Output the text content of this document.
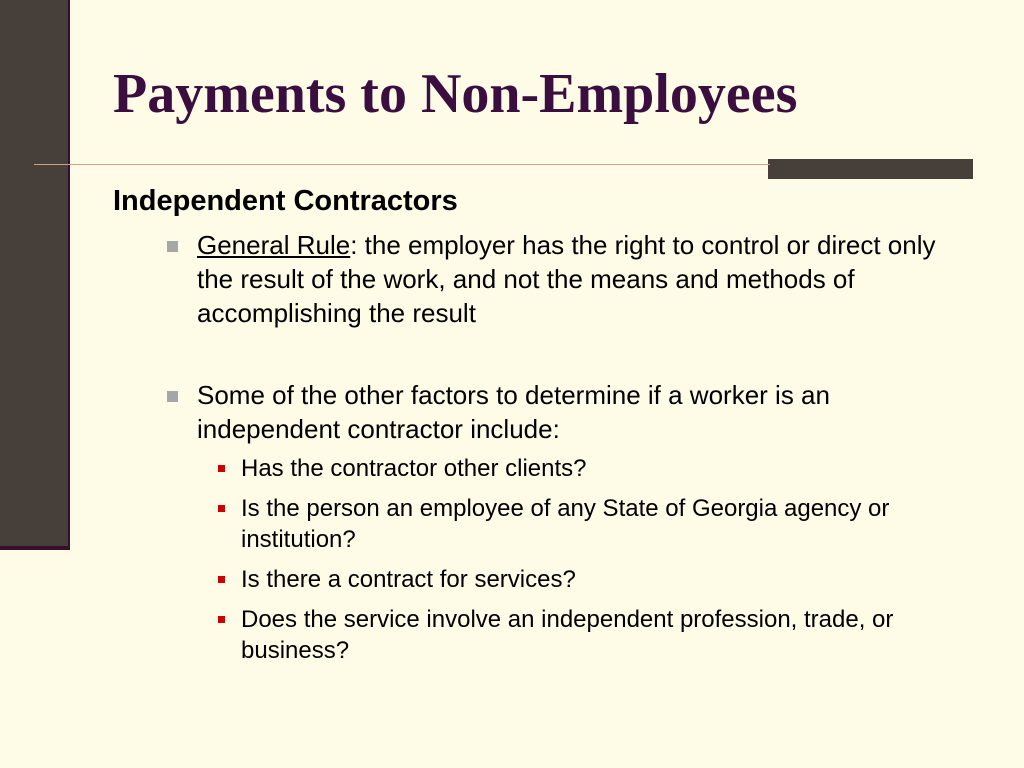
Payments to Non-Employees
Independent Contractors
General Rule: the employer has the right to control or direct only the result of the work, and not the means and methods of accomplishing the result
Some of the other factors to determine if a worker is an independent contractor include:
Has the contractor other clients?
Is the person an employee of any State of Georgia agency or institution?
Is there a contract for services?
Does the service involve an independent profession, trade, or business?
